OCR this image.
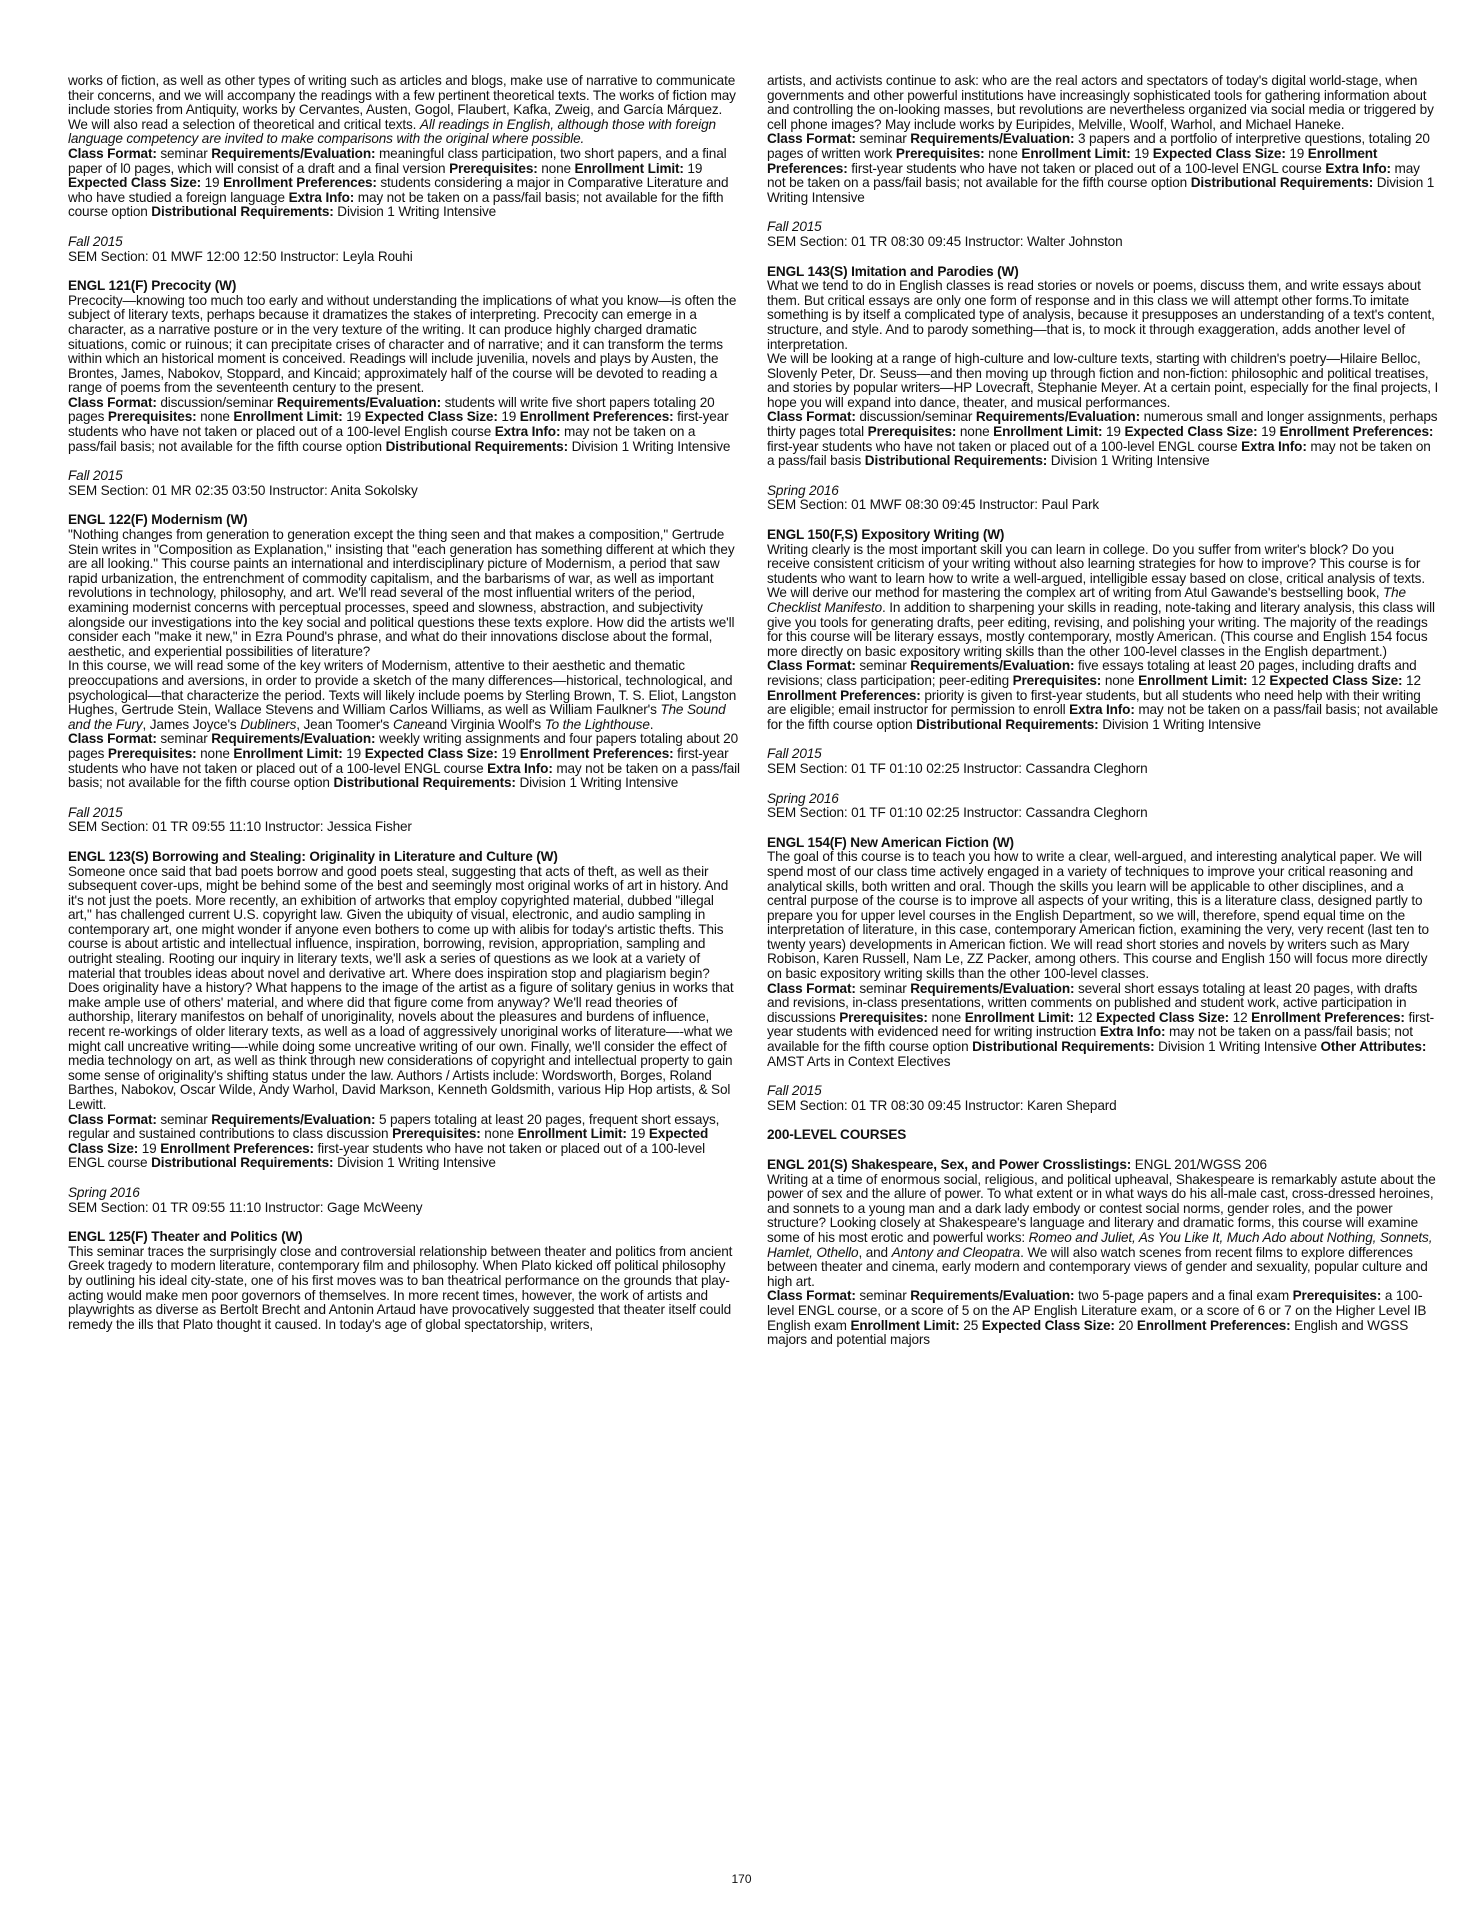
works of fiction, as well as other types of writing such as articles and blogs, make use of narrative to communicate their concerns, and we will accompany the readings with a few pertinent theoretical texts. The works of fiction may include stories from Antiquity, works by Cervantes, Austen, Gogol, Flaubert, Kafka, Zweig, and García Márquez. We will also read a selection of theoretical and critical texts. All readings in English, although those with foreign language competency are invited to make comparisons with the original where possible.
Class Format: seminar Requirements/Evaluation: meaningful class participation, two short papers, and a final paper of l0 pages, which will consist of a draft and a final version Prerequisites: none Enrollment Limit: 19 Expected Class Size: 19 Enrollment Preferences: students considering a major in Comparative Literature and who have studied a foreign language Extra Info: may not be taken on a pass/fail basis; not available for the fifth course option Distributional Requirements: Division 1 Writing Intensive

Fall 2015

SEM Section: 01 MWF 12:00 12:50 Instructor: Leyla Rouhi

ENGL 121(F) Precocity (W)

Precocity—knowing too much too early and without understanding the implications of what you know—is often the subject of literary texts, perhaps because it dramatizes the stakes of interpreting. Precocity can emerge in a character, as a narrative posture or in the very texture of the writing. It can produce highly charged dramatic situations, comic or ruinous; it can precipitate crises of character and of narrative; and it can transform the terms within which an historical moment is conceived. Readings will include juvenilia, novels and plays by Austen, the Brontes, James, Nabokov, Stoppard, and Kincaid; approximately half of the course will be devoted to reading a range of poems from the seventeenth century to the present.
Class Format: discussion/seminar Requirements/Evaluation: students will write five short papers totaling 20 pages Prerequisites: none Enrollment Limit: 19 Expected Class Size: 19 Enrollment Preferences: first-year students who have not taken or placed out of a 100-level English course Extra Info: may not be taken on a pass/fail basis; not available for the fifth course option Distributional Requirements: Division 1 Writing Intensive

Fall 2015

SEM Section: 01 MR 02:35 03:50 Instructor: Anita Sokolsky

ENGL 122(F) Modernism (W)

"Nothing changes from generation to generation except the thing seen and that makes a composition," Gertrude Stein writes in "Composition as Explanation," insisting that "each generation has something different at which they are all looking." This course paints an international and interdisciplinary picture of Modernism, a period that saw rapid urbanization, the entrenchment of commodity capitalism, and the barbarisms of war, as well as important revolutions in technology, philosophy, and art. We'll read several of the most influential writers of the period, examining modernist concerns with perceptual processes, speed and slowness, abstraction, and subjectivity alongside our investigations into the key social and political questions these texts explore. How did the artists we'll consider each "make it new," in Ezra Pound's phrase, and what do their innovations disclose about the formal, aesthetic, and experiential possibilities of literature?
In this course, we will read some of the key writers of Modernism, attentive to their aesthetic and thematic preoccupations and aversions, in order to provide a sketch of the many differences—historical, technological, and psychological—that characterize the period. Texts will likely include poems by Sterling Brown, T. S. Eliot, Langston Hughes, Gertrude Stein, Wallace Stevens and William Carlos Williams, as well as William Faulkner's The Sound and the Fury, James Joyce's Dubliners, Jean Toomer's Caneand Virginia Woolf's To the Lighthouse.
Class Format: seminar Requirements/Evaluation: weekly writing assignments and four papers totaling about 20 pages Prerequisites: none Enrollment Limit: 19 Expected Class Size: 19 Enrollment Preferences: first-year students who have not taken or placed out of a 100-level ENGL course Extra Info: may not be taken on a pass/fail basis; not available for the fifth course option Distributional Requirements: Division 1 Writing Intensive

Fall 2015

SEM Section: 01 TR 09:55 11:10 Instructor: Jessica Fisher

ENGL 123(S) Borrowing and Stealing: Originality in Literature and Culture (W)

Someone once said that bad poets borrow and good poets steal, suggesting that acts of theft, as well as their subsequent cover-ups, might be behind some of the best and seemingly most original works of art in history. And it's not just the poets. More recently, an exhibition of artworks that employ copyrighted material, dubbed "illegal art," has challenged current U.S. copyright law. Given the ubiquity of visual, electronic, and audio sampling in contemporary art, one might wonder if anyone even bothers to come up with alibis for today's artistic thefts. This course is about artistic and intellectual influence, inspiration, borrowing, revision, appropriation, sampling and outright stealing. Rooting our inquiry in literary texts, we'll ask a series of questions as we look at a variety of material that troubles ideas about novel and derivative art. Where does inspiration stop and plagiarism begin? Does originality have a history? What happens to the image of the artist as a figure of solitary genius in works that make ample use of others' material, and where did that figure come from anyway? We'll read theories of authorship, literary manifestos on behalf of unoriginality, novels about the pleasures and burdens of influence, recent re-workings of older literary texts, as well as a load of aggressively unoriginal works of literature—-what we might call uncreative writing—-while doing some uncreative writing of our own. Finally, we'll consider the effect of media technology on art, as well as think through new considerations of copyright and intellectual property to gain some sense of originality's shifting status under the law. Authors / Artists include: Wordsworth, Borges, Roland Barthes, Nabokov, Oscar Wilde, Andy Warhol, David Markson, Kenneth Goldsmith, various Hip Hop artists, & Sol Lewitt.
Class Format: seminar Requirements/Evaluation: 5 papers totaling at least 20 pages, frequent short essays, regular and sustained contributions to class discussion Prerequisites: none Enrollment Limit: 19 Expected Class Size: 19 Enrollment Preferences: first-year students who have not taken or placed out of a 100-level ENGL course Distributional Requirements: Division 1 Writing Intensive

Spring 2016

SEM Section: 01 TR 09:55 11:10 Instructor: Gage McWeeny

ENGL 125(F) Theater and Politics (W)

This seminar traces the surprisingly close and controversial relationship between theater and politics from ancient Greek tragedy to modern literature, contemporary film and philosophy. When Plato kicked off political philosophy by outlining his ideal city-state, one of his first moves was to ban theatrical performance on the grounds that play-acting would make men poor governors of themselves. In more recent times, however, the work of artists and playwrights as diverse as Bertolt Brecht and Antonin Artaud have provocatively suggested that theater itself could remedy the ills that Plato thought it caused. In today's age of global spectatorship, writers,

artists, and activists continue to ask: who are the real actors and spectators of today's digital world-stage, when governments and other powerful institutions have increasingly sophisticated tools for gathering information about and controlling the on-looking masses, but revolutions are nevertheless organized via social media or triggered by cell phone images? May include works by Euripides, Melville, Woolf, Warhol, and Michael Haneke.
Class Format: seminar Requirements/Evaluation: 3 papers and a portfolio of interpretive questions, totaling 20 pages of written work Prerequisites: none Enrollment Limit: 19 Expected Class Size: 19 Enrollment Preferences: first-year students who have not taken or placed out of a 100-level ENGL course Extra Info: may not be taken on a pass/fail basis; not available for the fifth course option Distributional Requirements: Division 1 Writing Intensive

Fall 2015

SEM Section: 01 TR 08:30 09:45 Instructor: Walter Johnston

ENGL 143(S) Imitation and Parodies (W)

What we tend to do in English classes is read stories or novels or poems, discuss them, and write essays about them. But critical essays are only one form of response and in this class we will attempt other forms.To imitate something is by itself a complicated type of analysis, because it presupposes an understanding of a text's content, structure, and style. And to parody something—that is, to mock it through exaggeration, adds another level of interpretation.
We will be looking at a range of high-culture and low-culture texts, starting with children's poetry—Hilaire Belloc, Slovenly Peter, Dr. Seuss—and then moving up through fiction and non-fiction: philosophic and political treatises, and stories by popular writers—HP Lovecraft, Stephanie Meyer. At a certain point, especially for the final projects, I hope you will expand into dance, theater, and musical performances.
Class Format: discussion/seminar Requirements/Evaluation: numerous small and longer assignments, perhaps thirty pages total Prerequisites: none Enrollment Limit: 19 Expected Class Size: 19 Enrollment Preferences: first-year students who have not taken or placed out of a 100-level ENGL course Extra Info: may not be taken on a pass/fail basis Distributional Requirements: Division 1 Writing Intensive

Spring 2016

SEM Section: 01 MWF 08:30 09:45 Instructor: Paul Park

ENGL 150(F,S) Expository Writing (W)

Writing clearly is the most important skill you can learn in college. Do you suffer from writer's block? Do you receive consistent criticism of your writing without also learning strategies for how to improve? This course is for students who want to learn how to write a well-argued, intelligible essay based on close, critical analysis of texts. We will derive our method for mastering the complex art of writing from Atul Gawande's bestselling book, The Checklist Manifesto. In addition to sharpening your skills in reading, note-taking and literary analysis, this class will give you tools for generating drafts, peer editing, revising, and polishing your writing. The majority of the readings for this course will be literary essays, mostly contemporary, mostly American. (This course and English 154 focus more directly on basic expository writing skills than the other 100-level classes in the English department.)
Class Format: seminar Requirements/Evaluation: five essays totaling at least 20 pages, including drafts and revisions; class participation; peer-editing Prerequisites: none Enrollment Limit: 12 Expected Class Size: 12 Enrollment Preferences: priority is given to first-year students, but all students who need help with their writing are eligible; email instructor for permission to enroll Extra Info: may not be taken on a pass/fail basis; not available for the fifth course option Distributional Requirements: Division 1 Writing Intensive

Fall 2015

SEM Section: 01 TF 01:10 02:25 Instructor: Cassandra Cleghorn

Spring 2016

SEM Section: 01 TF 01:10 02:25 Instructor: Cassandra Cleghorn

ENGL 154(F) New American Fiction (W)

The goal of this course is to teach you how to write a clear, well-argued, and interesting analytical paper. We will spend most of our class time actively engaged in a variety of techniques to improve your critical reasoning and analytical skills, both written and oral. Though the skills you learn will be applicable to other disciplines, and a central purpose of the course is to improve all aspects of your writing, this is a literature class, designed partly to prepare you for upper level courses in the English Department, so we will, therefore, spend equal time on the interpretation of literature, in this case, contemporary American fiction, examining the very, very recent (last ten to twenty years) developments in American fiction. We will read short stories and novels by writers such as Mary Robison, Karen Russell, Nam Le, ZZ Packer, among others. This course and English 150 will focus more directly on basic expository writing skills than the other 100-level classes.
Class Format: seminar Requirements/Evaluation: several short essays totaling at least 20 pages, with drafts and revisions, in-class presentations, written comments on published and student work, active participation in discussions Prerequisites: none Enrollment Limit: 12 Expected Class Size: 12 Enrollment Preferences: first-year students with evidenced need for writing instruction Extra Info: may not be taken on a pass/fail basis; not available for the fifth course option Distributional Requirements: Division 1 Writing Intensive Other Attributes: AMST Arts in Context Electives

Fall 2015

SEM Section: 01 TR 08:30 09:45 Instructor: Karen Shepard

200-LEVEL COURSES

ENGL 201(S) Shakespeare, Sex, and Power Crosslistings: ENGL 201/WGSS 206

Writing at a time of enormous social, religious, and political upheaval, Shakespeare is remarkably astute about the power of sex and the allure of power. To what extent or in what ways do his all-male cast, cross-dressed heroines, and sonnets to a young man and a dark lady embody or contest social norms, gender roles, and the power structure? Looking closely at Shakespeare's language and literary and dramatic forms, this course will examine some of his most erotic and powerful works: Romeo and Juliet, As You Like It, Much Ado about Nothing, Sonnets, Hamlet, Othello, and Antony and Cleopatra. We will also watch scenes from recent films to explore differences between theater and cinema, early modern and contemporary views of gender and sexuality, popular culture and high art.
Class Format: seminar Requirements/Evaluation: two 5-page papers and a final exam Prerequisites: a 100-level ENGL course, or a score of 5 on the AP English Literature exam, or a score of 6 or 7 on the Higher Level IB English exam Enrollment Limit: 25 Expected Class Size: 20 Enrollment Preferences: English and WGSS majors and potential majors

170
